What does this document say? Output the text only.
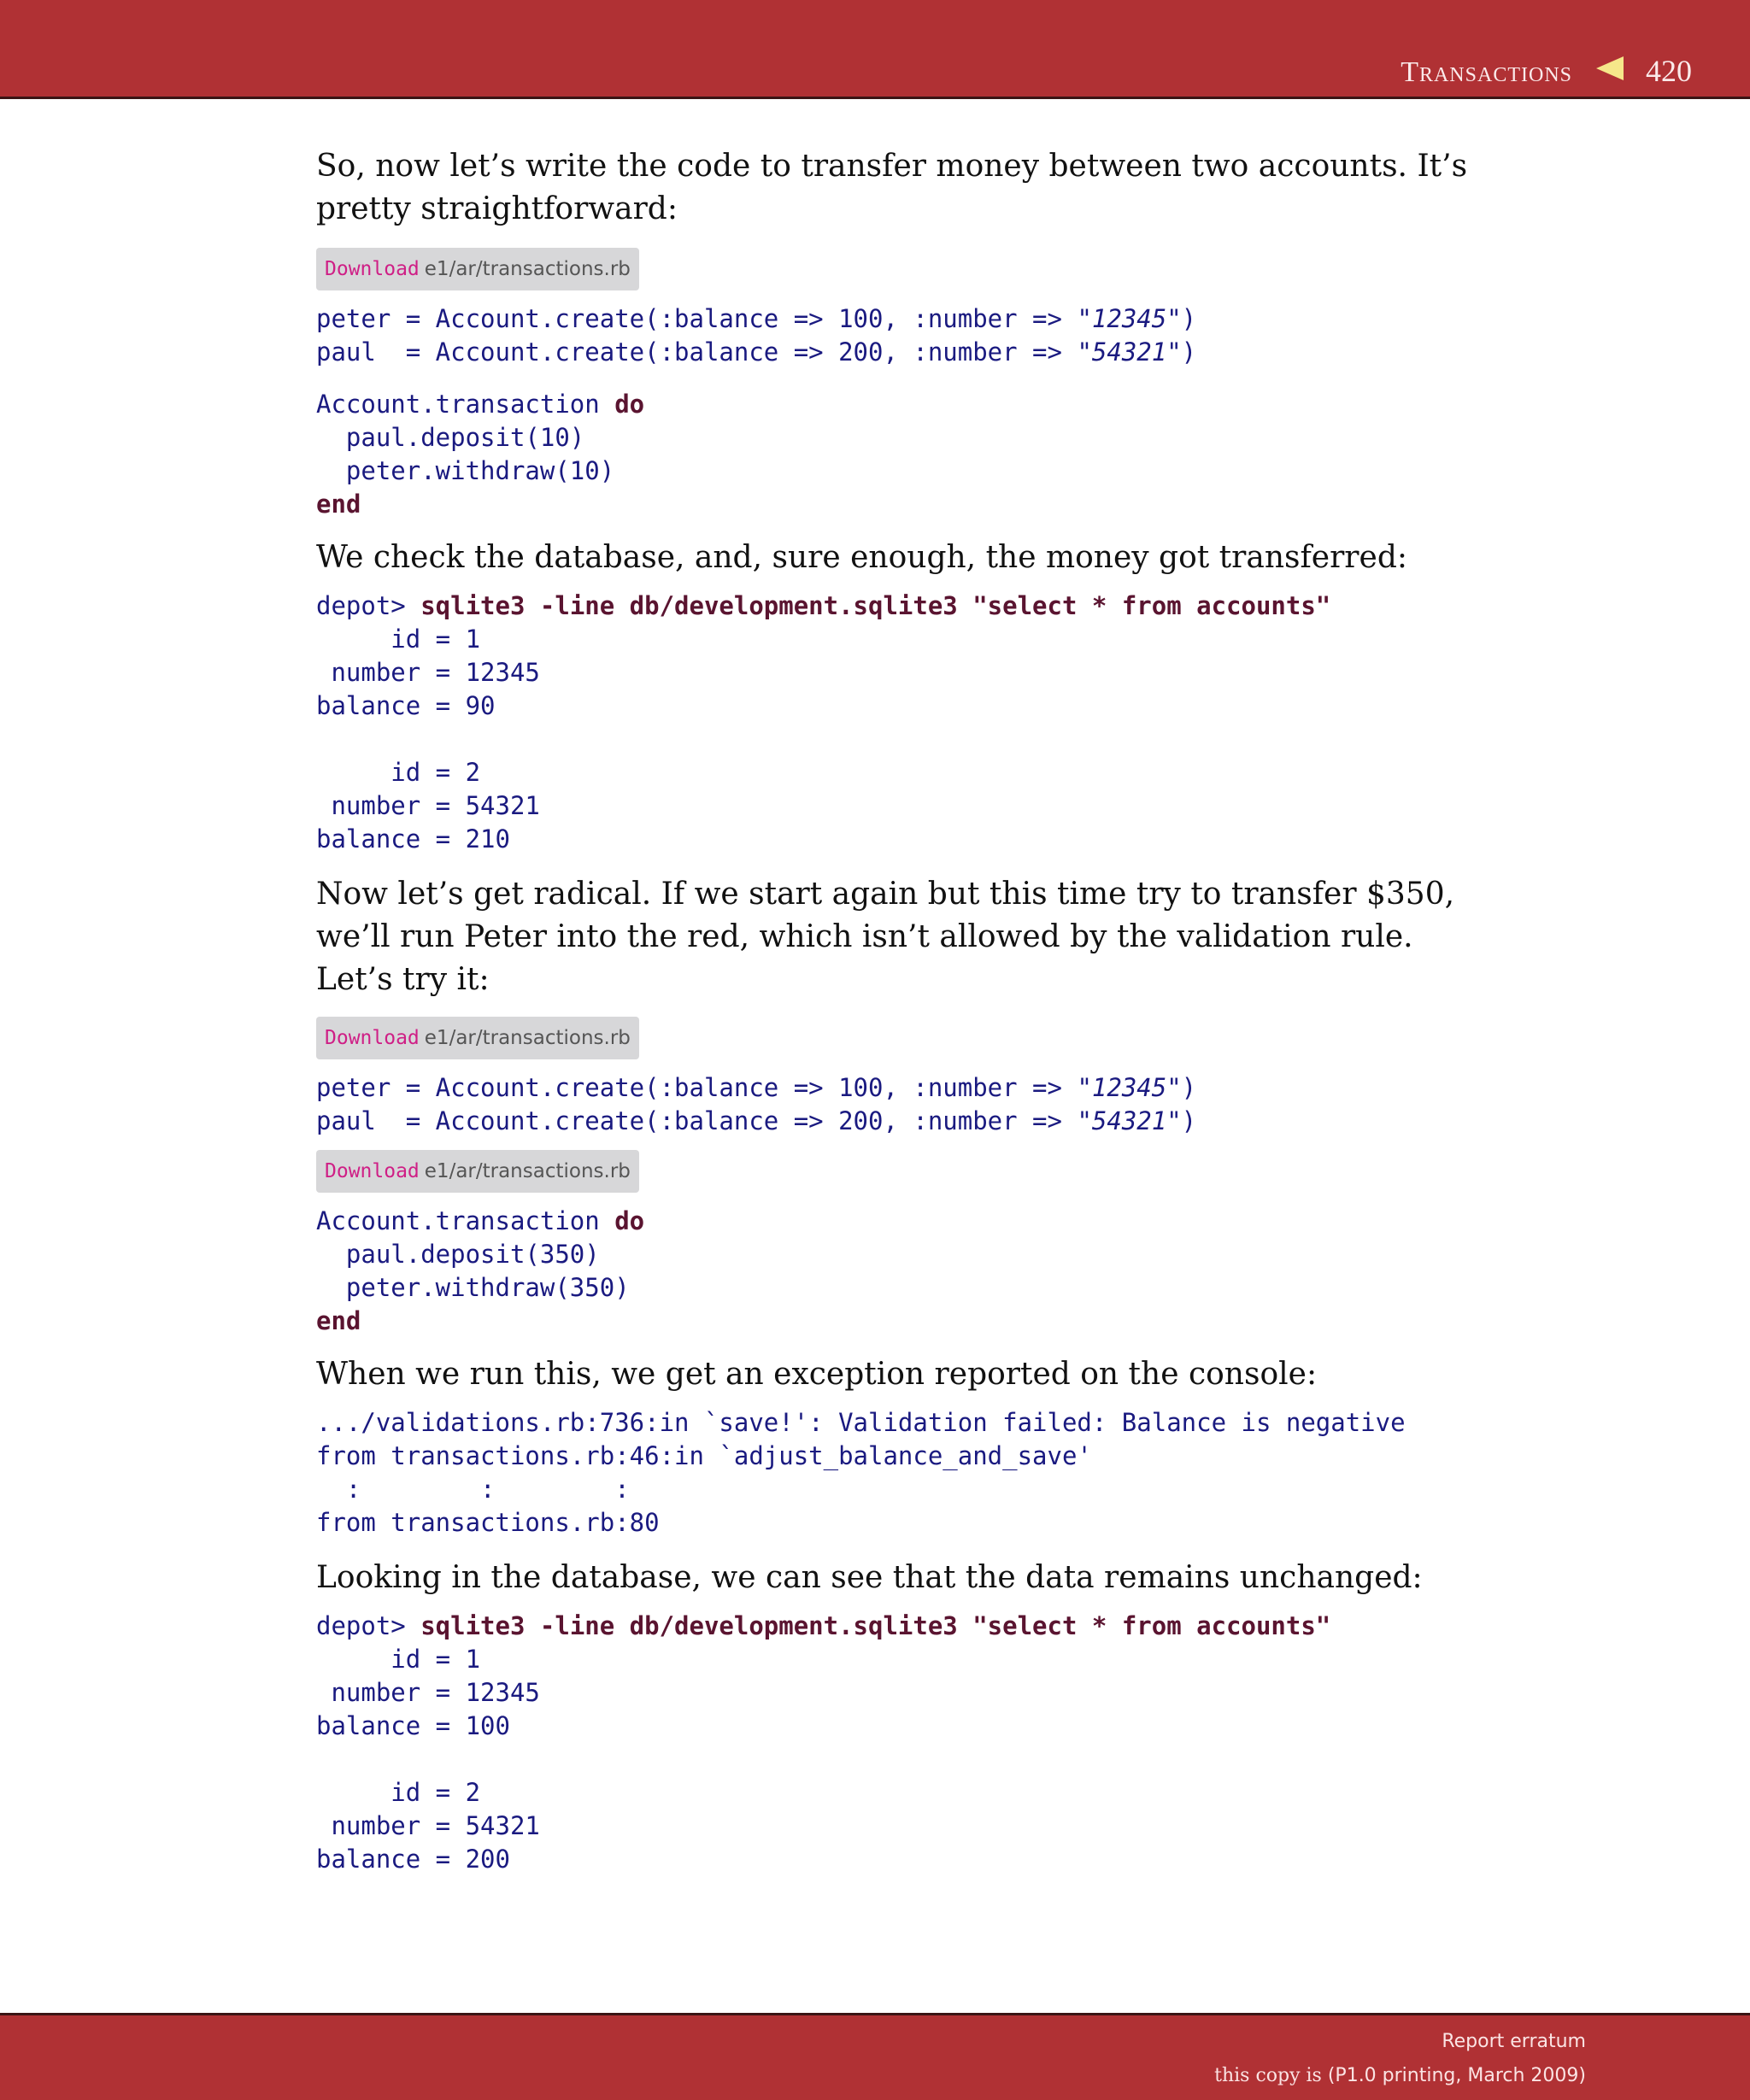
Transactions 420

So, now let’s write the code to transfer money between two accounts. It’s pretty straightforward:

Download e1/ar/transactions.rb
peter = Account.create(:balance => 100, :number => "12345")
paul  = Account.create(:balance => 200, :number => "54321")
Account.transaction do
paul.deposit(10)
peter.withdraw(10)
end

We check the database, and, sure enough, the money got transferred:

depot> sqlite3 -line db/development.sqlite3 "select * from accounts"
id = 1
number = 12345
balance = 90

id = 2
number = 54321
balance = 210

Now let’s get radical. If we start again but this time try to transfer $350, we’ll run Peter into the red, which isn’t allowed by the validation rule. Let’s try it:

Download e1/ar/transactions.rb
peter = Account.create(:balance => 100, :number => "12345")
paul  = Account.create(:balance => 200, :number => "54321")
Download e1/ar/transactions.rb
Account.transaction do
paul.deposit(350)
peter.withdraw(350)
end

When we run this, we get an exception reported on the console:

.../validations.rb:736:in `save!': Validation failed: Balance is negative
from transactions.rb:46:in `adjust_balance_and_save'
:        :        :
from transactions.rb:80

Looking in the database, we can see that the data remains unchanged:

depot> sqlite3 -line db/development.sqlite3 "select * from accounts"
id = 1
number = 12345
balance = 100

id = 2
number = 54321
balance = 200
Report erratum
this copy is (P1.0 printing, March 2009)
